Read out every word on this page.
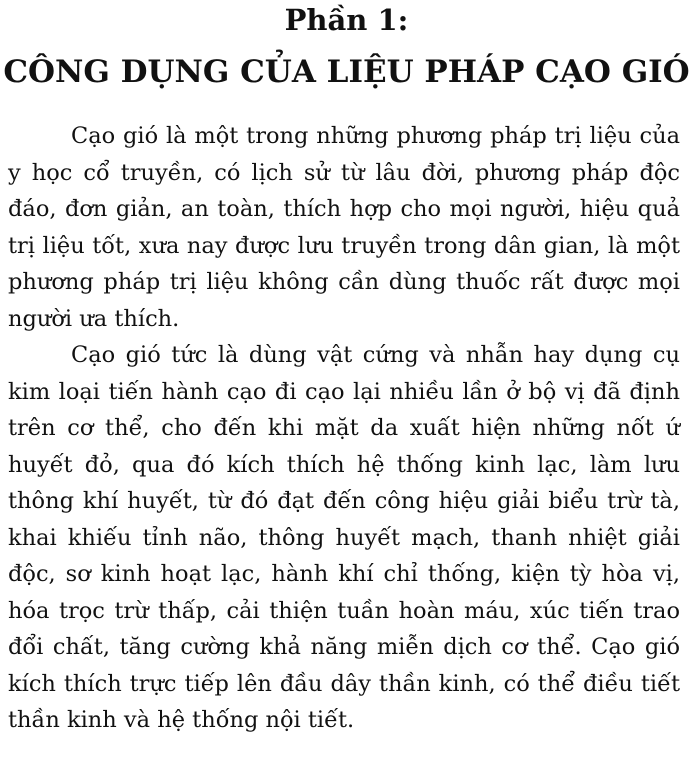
Phần 1:
CÔNG DỤNG CỦA LIỆU PHÁP CẠO GIÓ

Cạo gió là một trong những phương pháp trị liệu của y học cổ truyền, có lịch sử từ lâu đời, phương pháp độc đáo, đơn giản, an toàn, thích hợp cho mọi người, hiệu quả trị liệu tốt, xưa nay được lưu truyền trong dân gian, là một phương pháp trị liệu không cần dùng thuốc rất được mọi người ưa thích.

Cạo gió tức là dùng vật cứng và nhẫn hay dụng cụ kim loại tiến hành cạo đi cạo lại nhiều lần ở bộ vị đã định trên cơ thể, cho đến khi mặt da xuất hiện những nốt ứ huyết đỏ, qua đó kích thích hệ thống kinh lạc, làm lưu thông khí huyết, từ đó đạt đến công hiệu giải biểu trừ tà, khai khiếu tỉnh não, thông huyết mạch, thanh nhiệt giải độc, sơ kinh hoạt lạc, hành khí chỉ thống, kiện tỳ hòa vị, hóa trọc trừ thấp, cải thiện tuần hoàn máu, xúc tiến trao đổi chất, tăng cường khả năng miễn dịch cơ thể. Cạo gió kích thích trực tiếp lên đầu dây thần kinh, có thể điều tiết thần kinh và hệ thống nội tiết.
